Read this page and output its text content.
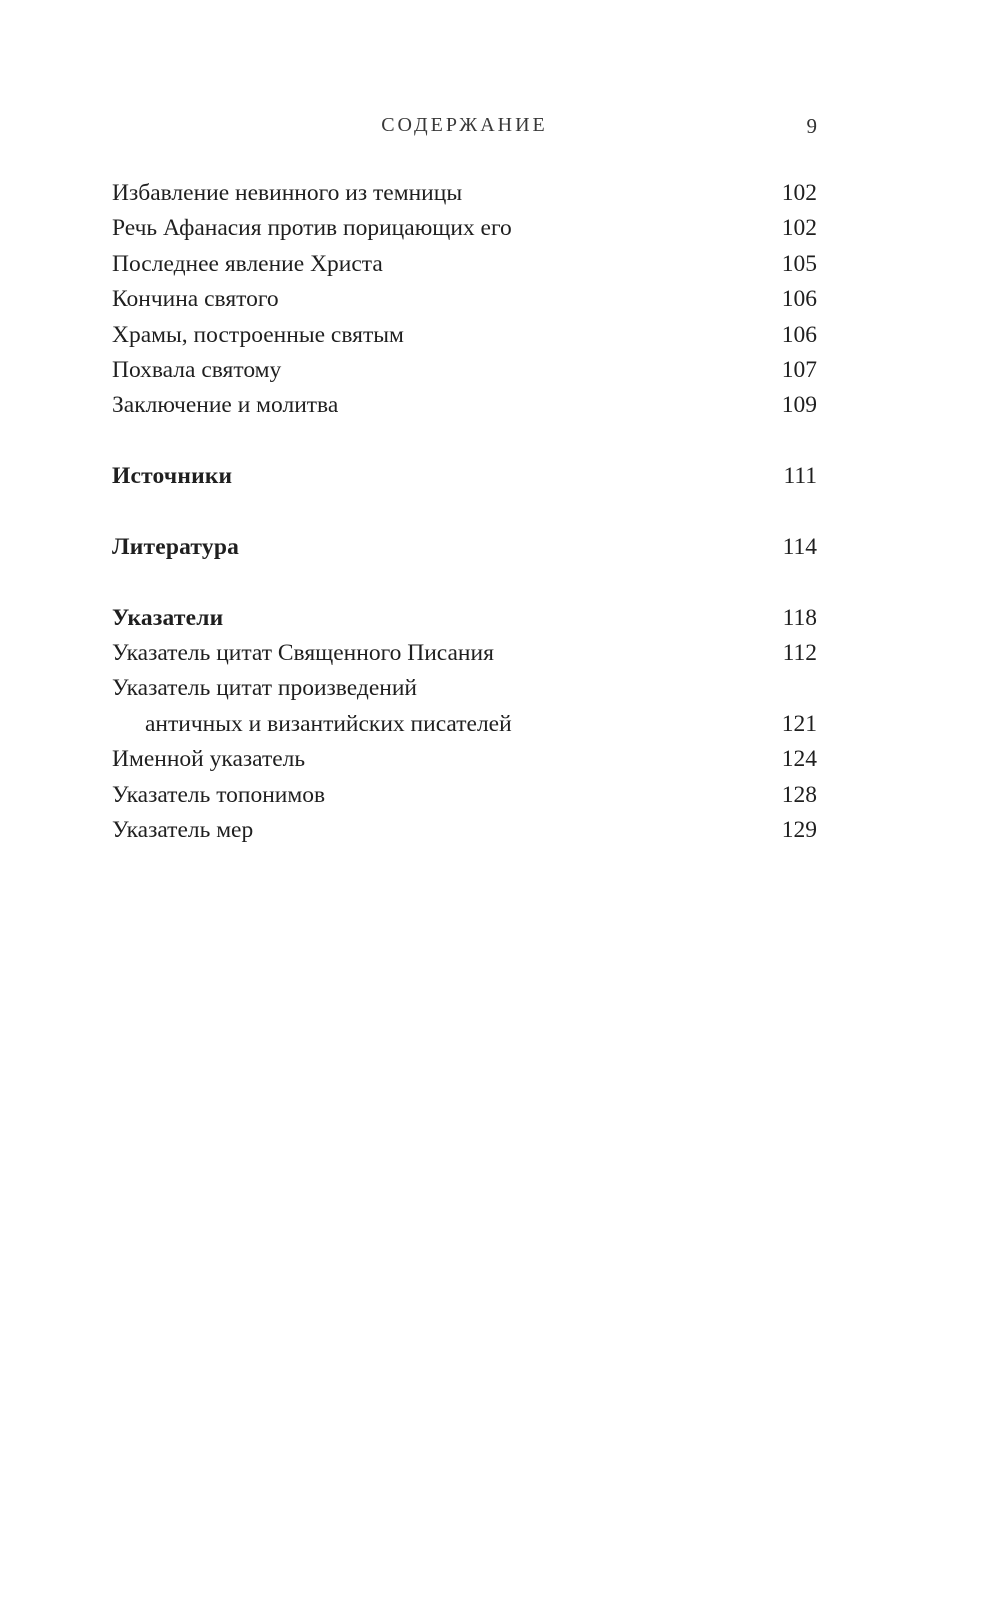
СОДЕРЖАНИЕ	9
Избавление невинного из темницы	102
Речь Афанасия против порицающих его	102
Последнее явление Христа	105
Кончина святого	106
Храмы, построенные святым	106
Похвала святому	107
Заключение и молитва	109
Источники	111
Литература	114
Указатели	118
Указатель цитат Священного Писания	112
Указатель цитат произведений
античных и византийских писателей	121
Именной указатель	124
Указатель топонимов	128
Указатель мер	129
